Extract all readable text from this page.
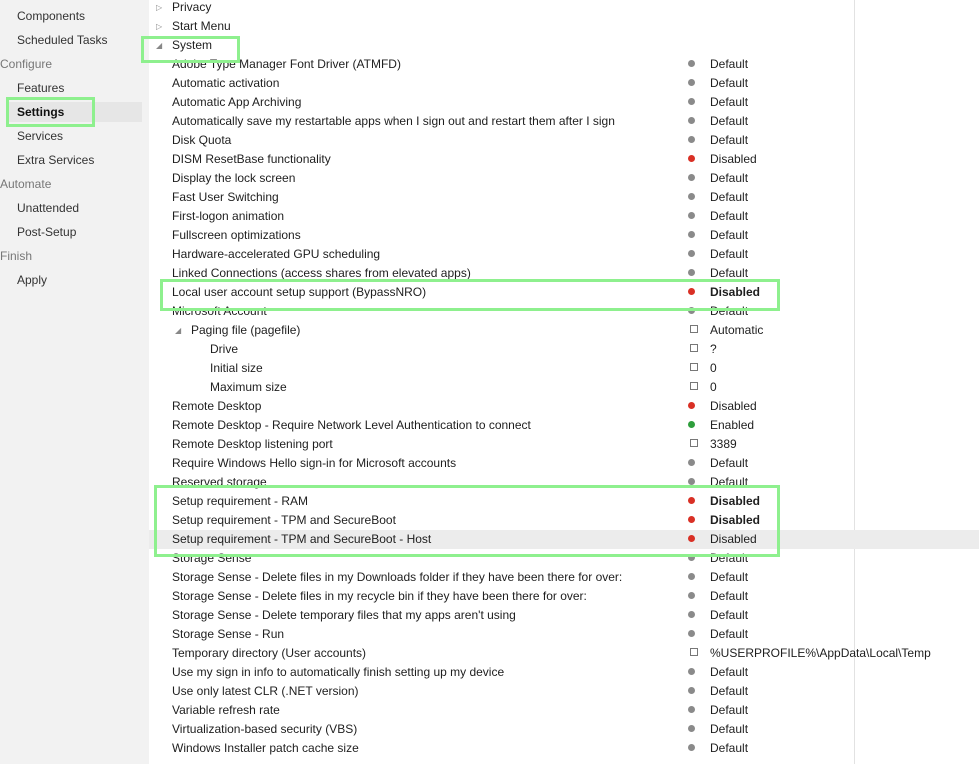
Components
Scheduled Tasks
Configure
Features
Settings
Services
Extra Services
Automate
Unattended
Post-Setup
Finish
Apply
▷ Privacy
▷ Start Menu
◢ System
Adobe Type Manager Font Driver (ATMFD)	Default
Automatic activation	Default
Automatic App Archiving	Default
Automatically save my restartable apps when I sign out and restart them after I sign	Default
Disk Quota	Default
DISM ResetBase functionality	Disabled
Display the lock screen	Default
Fast User Switching	Default
First-logon animation	Default
Fullscreen optimizations	Default
Hardware-accelerated GPU scheduling	Default
Linked Connections (access shares from elevated apps)	Default
Local user account setup support (BypassNRO)	Disabled
Microsoft Account	Default
◢ Paging file (pagefile)	Automatic
Drive	?
Initial size	0
Maximum size	0
Remote Desktop	Disabled
Remote Desktop - Require Network Level Authentication to connect	Enabled
Remote Desktop listening port	3389
Require Windows Hello sign-in for Microsoft accounts	Default
Reserved storage	Default
Setup requirement - RAM	Disabled
Setup requirement - TPM and SecureBoot	Disabled
Setup requirement - TPM and SecureBoot - Host	Disabled
Storage Sense	Default
Storage Sense - Delete files in my Downloads folder if they have been there for over:	Default
Storage Sense - Delete files in my recycle bin if they have been there for over:	Default
Storage Sense - Delete temporary files that my apps aren't using	Default
Storage Sense - Run	Default
Temporary directory (User accounts)	%USERPROFILE%\AppData\Local\Temp
Use my sign in info to automatically finish setting up my device	Default
Use only latest CLR (.NET version)	Default
Variable refresh rate	Default
Virtualization-based security (VBS)	Default
Windows Installer patch cache size	Default
